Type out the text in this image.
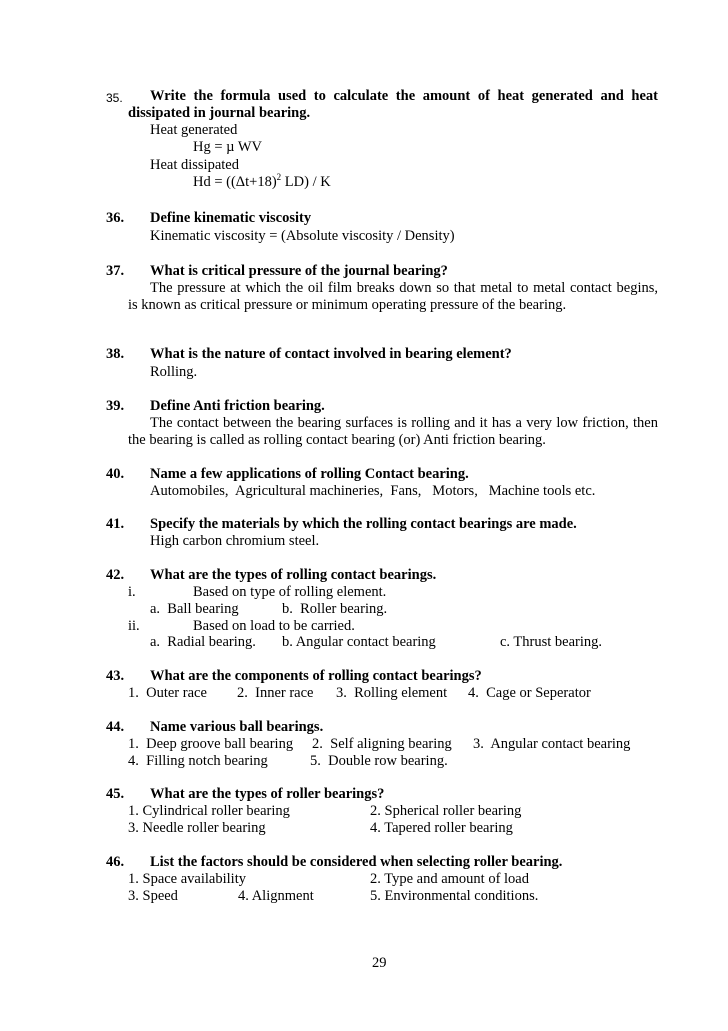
35. Write the formula used to calculate the amount of heat generated and heat
dissipated in journal bearing.
Heat generated
Hg = µ WV
Heat dissipated
$Hd = ((\Delta t+18)^2$ LD) / K
36. Define kinematic viscosity
Kinematic viscosity = (Absolute viscosity / Density)
37. What is critical pressure of the journal bearing?
The pressure at which the oil film breaks down so that metal to metal contact begins,
is known as critical pressure or minimum operating pressure of the bearing.
38. What is the nature of contact involved in bearing element?
Rolling.
39. Define Anti friction bearing.
The contact between the bearing surfaces is rolling and it has a very low friction, then
the bearing is called as rolling contact bearing (or) Anti friction bearing.
40. Name a few applications of rolling Contact bearing.
Automobiles,  Agricultural machineries,  Fans,   Motors,   Machine tools etc.
41. Specify the materials by which the rolling contact bearings are made.
High carbon chromium steel.
42. What are the types of rolling contact bearings.
i.	Based on type of rolling element.
a.  Ball bearing	b.  Roller bearing.
ii.	Based on load to be carried.
a.  Radial bearing. b. Angular contact bearing	c. Thrust bearing.
43. What are the components of rolling contact bearings?
1.  Outer race 2.  Inner race 3.  Rolling element 4.  Cage or Seperator
44. Name various ball bearings.
1.  Deep groove ball bearing 2.  Self aligning bearing 3.  Angular contact bearing
4.  Filling notch bearing	5.  Double row bearing.
45. What are the types of roller bearings?
1. Cylindrical roller bearing	2. Spherical roller bearing
3. Needle roller bearing	4. Tapered roller bearing
46. List the factors should be considered when selecting roller bearing.
1. Space availability	2. Type and amount of load
3. Speed	4. Alignment	5. Environmental conditions.
29
